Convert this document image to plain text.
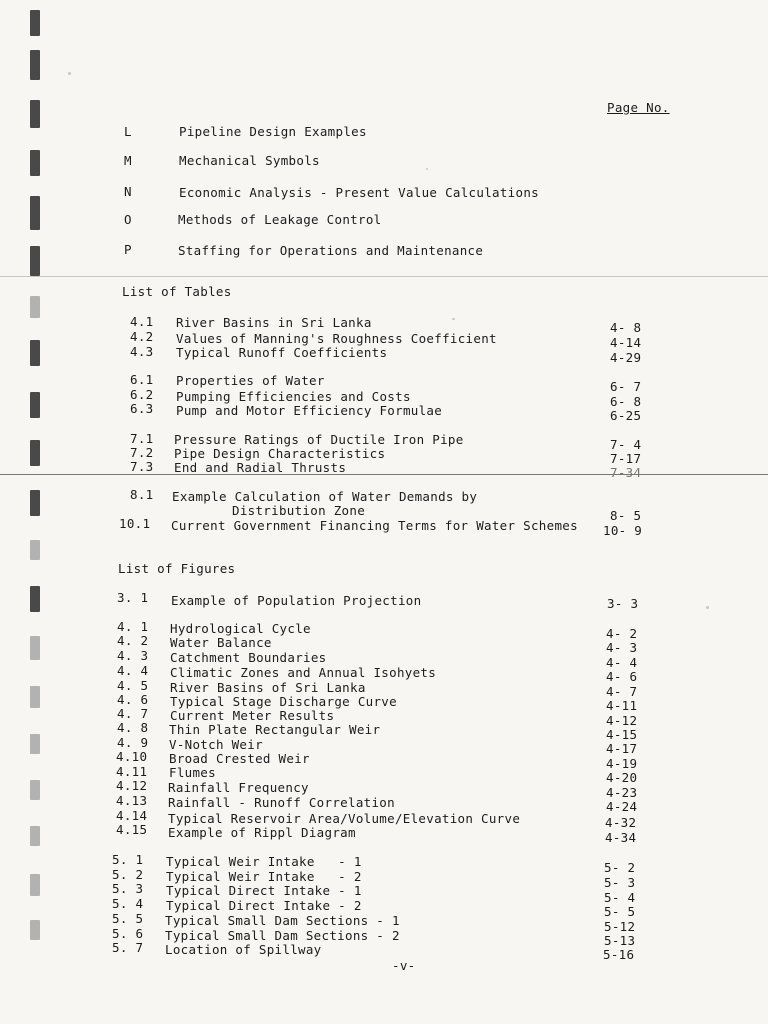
Page No.
L	Pipeline Design Examples
M	Mechanical Symbols
N	Economic Analysis - Present Value Calculations
O	Methods of Leakage Control
P	Staffing for Operations and Maintenance
List of Tables
4.1 River Basins in Sri Lanka	4- 8
4.2 Values of Manning's Roughness Coefficient	4-14
4.3 Typical Runoff Coefficients	4-29
6.1 Properties of Water	6- 7
6.2 Pumping Efficiencies and Costs	6- 8
6.3 Pump and Motor Efficiency Formulae	6-25
7.1 Pressure Ratings of Ductile Iron Pipe	7- 4
7.2 Pipe Design Characteristics	7-17
7.3 End and Radial Thrusts	7-34
8.1 Example Calculation of Water Demands by
Distribution Zone	8- 5
10.1 Current Government Financing Terms for Water Schemes 10- 9
List of Figures
3. 1 Example of Population Projection	3- 3
4. 1 Hydrological Cycle	4- 2
4. 2 Water Balance	4- 3
4. 3 Catchment Boundaries	4- 4
4. 4 Climatic Zones and Annual Isohyets	4- 6
4. 5 River Basins of Sri Lanka	4- 7
4. 6 Typical Stage Discharge Curve	4-11
4. 7 Current Meter Results	4-12
4. 8 Thin Plate Rectangular Weir	4-15
4. 9 V-Notch Weir	4-17
4.10 Broad Crested Weir	4-19
4.11 Flumes	4-20
4.12 Rainfall Frequency	4-23
4.13 Rainfall - Runoff Correlation	4-24
4.14 Typical Reservoir Area/Volume/Elevation Curve	4-32
4.15 Example of Rippl Diagram	4-34
5. 1 Typical Weir Intake   - 1	5- 2
5. 2 Typical Weir Intake   - 2	5- 3
5. 3 Typical Direct Intake - 1	5- 4
5. 4 Typical Direct Intake - 2	5- 5
5. 5 Typical Small Dam Sections - 1	5-12
5. 6 Typical Small Dam Sections - 2	5-13
5. 7 Location of Spillway	5-16
-v-
